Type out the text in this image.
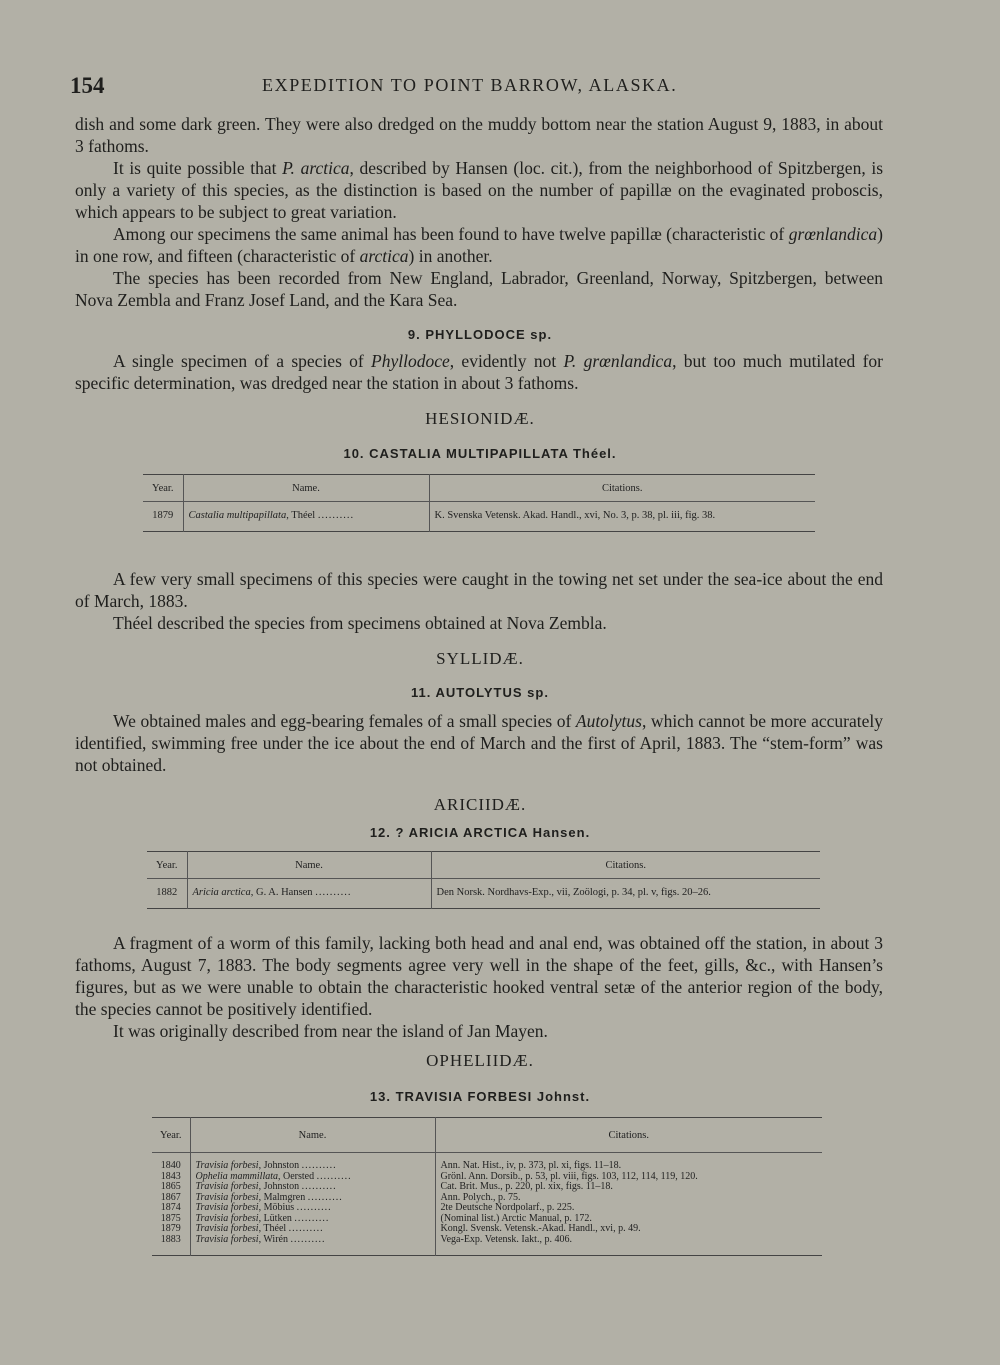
154	EXPEDITION TO POINT BARROW, ALASKA.

dish and some dark green. They were also dredged on the muddy bottom near the station August 9, 1883, in about 3 fathoms.

It is quite possible that P. arctica, described by Hansen (loc. cit.), from the neighborhood of Spitzbergen, is only a variety of this species, as the distinction is based on the number of papillæ on the evaginated proboscis, which appears to be subject to great variation.

Among our specimens the same animal has been found to have twelve papillæ (characteristic of grœnlandica) in one row, and fifteen (characteristic of arctica) in another.

The species has been recorded from New England, Labrador, Greenland, Norway, Spitzbergen, between Nova Zembla and Franz Josef Land, and the Kara Sea.

9. PHYLLODOCE sp.

A single specimen of a species of Phyllodoce, evidently not P. grœnlandica, but too much mutilated for specific determination, was dredged near the station in about 3 fathoms.

HESIONIDÆ.
10. CASTALIA MULTIPAPILLATA Théel.
Year.	Name.	Citations.
1879	Castalia multipapillata, Théel ..........	K. Svenska Vetensk. Akad. Handl., xvi, No. 3, p. 38, pl. iii, fig. 38.

A few very small specimens of this species were caught in the towing net set under the sea-ice about the end of March, 1883.

Théel described the species from specimens obtained at Nova Zembla.

SYLLIDÆ.
11. AUTOLYTUS sp.

We obtained males and egg-bearing females of a small species of Autolytus, which cannot be more accurately identified, swimming free under the ice about the end of March and the first of April, 1883. The “stem-form” was not obtained.

ARICIIDÆ.
12. ? ARICIA ARCTICA Hansen.
Year.	Name.	Citations.
1882	Aricia arctica, G. A. Hansen ..........	Den Norsk. Nordhavs-Exp., vii, Zoölogi, p. 34, pl. v, figs. 20–26.

A fragment of a worm of this family, lacking both head and anal end, was obtained off the station, in about 3 fathoms, August 7, 1883. The body segments agree very well in the shape of the feet, gills, &c., with Hansen’s figures, but as we were unable to obtain the characteristic hooked ventral setæ of the anterior region of the body, the species cannot be positively identified.

It was originally described from near the island of Jan Mayen.

OPHELIIDÆ.
13. TRAVISIA FORBESI Johnst.
Year.	Name.	Citations.
1840	Travisia forbesi, Johnston ..........	Ann. Nat. Hist., iv, p. 373, pl. xi, figs. 11–18.
1843	Ophelia mammillata, Oersted ..........	Grönl. Ann. Dorsib., p. 53, pl. viii, figs. 103, 112, 114, 119, 120.
1865	Travisia forbesi, Johnston ..........	Cat. Brit. Mus., p. 220, pl. xix, figs. 11–18.
1867	Travisia forbesi, Malmgren ..........	Ann. Polych., p. 75.
1874	Travisia forbesi, Möbius ..........	2te Deutsche Nordpolarf., p. 225.
1875	Travisia forbesi, Lütken ..........	(Nominal list.) Arctic Manual, p. 172.
1879	Travisia forbesi, Théel ..........	Kongl. Svensk. Vetensk.-Akad. Handl., xvi, p. 49.
1883	Travisia forbesi, Wirén ..........	Vega-Exp. Vetensk. Iakt., p. 406.
